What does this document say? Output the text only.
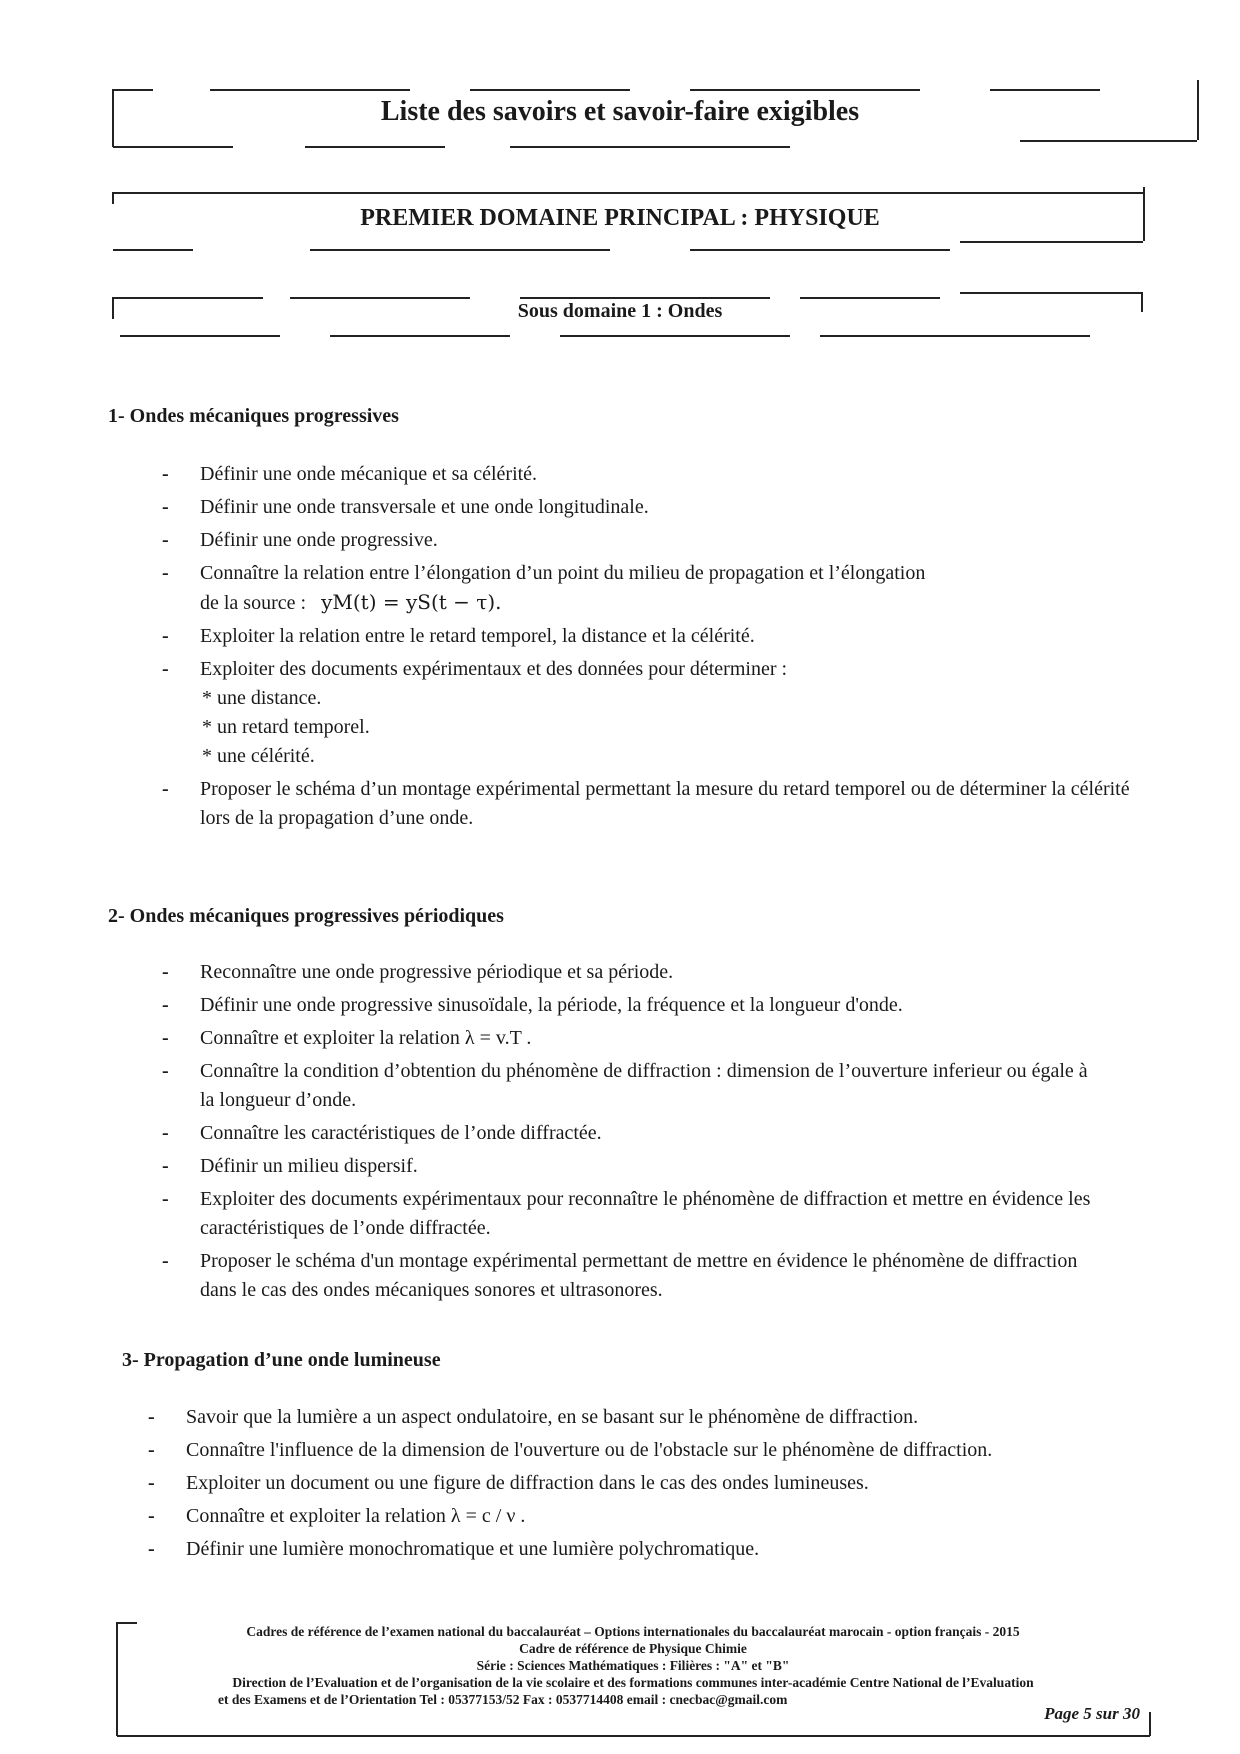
Liste des savoirs et savoir-faire exigibles
PREMIER DOMAINE PRINCIPAL : PHYSIQUE
Sous domaine 1 : Ondes
1- Ondes mécaniques progressives
- Définir une onde mécanique et sa célérité.
- Définir une onde transversale et une onde longitudinale.
- Définir une onde progressive.
- Connaître la relation entre l’élongation d’un point du milieu de propagation et l’élongation
de la source : yM(t) = yS(t − τ).
- Exploiter la relation entre le retard temporel, la distance et la célérité.
- Exploiter des documents expérimentaux et des données pour déterminer :
* une distance.
* un retard temporel.
* une célérité.
- Proposer le schéma d’un montage expérimental permettant la mesure du retard temporel ou de déterminer la célérité lors de la propagation d’une onde.
2- Ondes mécaniques progressives périodiques
- Reconnaître une onde progressive périodique et sa période.
- Définir une onde progressive sinusoïdale, la période, la fréquence et la longueur d'onde.
- Connaître et exploiter la relation λ = v.T .
- Connaître la condition d’obtention du phénomène de diffraction : dimension de l’ouverture inferieur ou égale à la longueur d’onde.
- Connaître les caractéristiques de l’onde diffractée.
- Définir un milieu dispersif.
- Exploiter des documents expérimentaux pour reconnaître le phénomène de diffraction et mettre en évidence les caractéristiques de l’onde diffractée.
- Proposer le schéma d'un montage expérimental permettant de mettre en évidence le phénomène de diffraction dans le cas des ondes mécaniques sonores et ultrasonores.
3- Propagation d’une onde lumineuse
- Savoir que la lumière a un aspect ondulatoire, en se basant sur le phénomène de diffraction.
- Connaître l'influence de la dimension de l'ouverture ou de l'obstacle sur le phénomène de diffraction.
- Exploiter un document ou une figure de diffraction dans le cas des ondes lumineuses.
- Connaître et exploiter la relation λ = c / ν .
- Définir une lumière monochromatique et une lumière polychromatique.
Cadres de référence de l’examen national du baccalauréat – Options internationales du baccalauréat marocain - option français - 2015
Cadre de référence de Physique Chimie
Série : Sciences Mathématiques : Filières : "A" et "B"
Direction de l’Evaluation et de l’organisation de la vie scolaire et des formations communes inter-académie Centre National de l’Evaluation
et des Examens et de l’Orientation Tel : 05377153/52 Fax : 0537714408 email : cnecbac@gmail.com
Page 5 sur 30
